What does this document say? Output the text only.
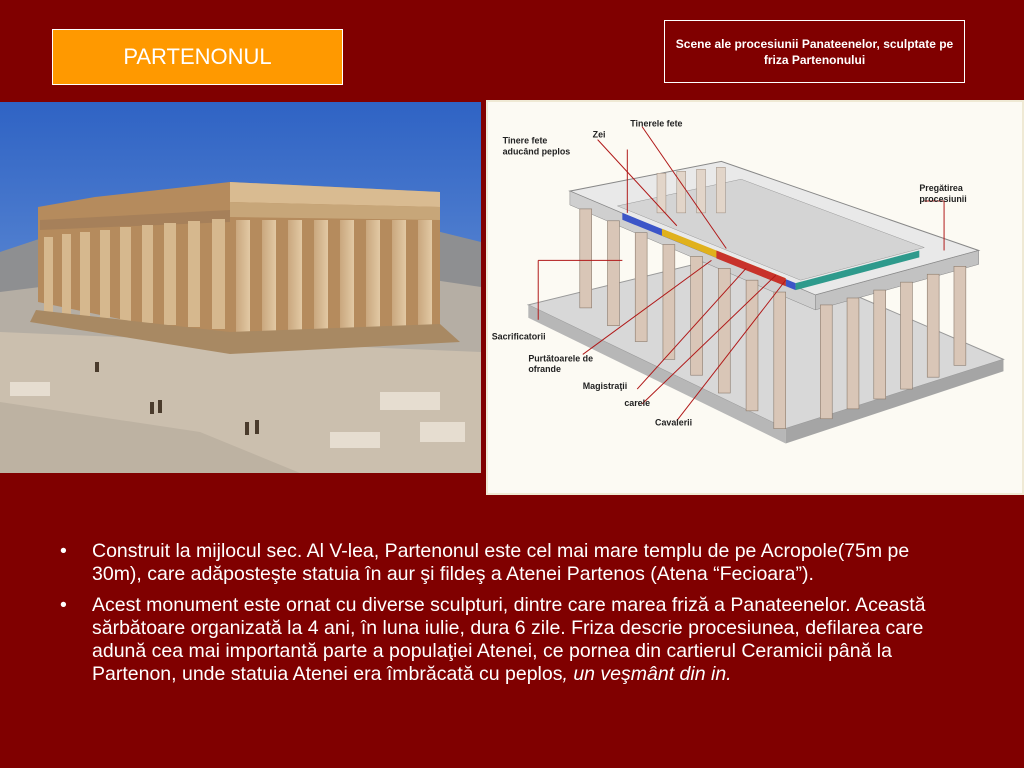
PARTENONUL
Scene ale procesiunii Panateenelor, sculptate pe friza Partenonului
Tinerele fete
Zei
Tinere fete aducând peplos
Pregătirea procesiunii
Sacrificatorii
Purtătoarele de ofrande
Magistraţii
carele
Cavalerii
• Construit la mijlocul sec. Al V-lea, Partenonul este cel mai mare templu de pe Acropole(75m pe 30m), care adăposteşte statuia în aur şi fildeş a Atenei Partenos (Atena “Fecioara”).
• Acest monument este ornat cu diverse sculpturi, dintre care marea friză a Panateenelor. Această sărbătoare organizată la 4 ani, în luna iulie, dura 6 zile. Friza descrie procesiunea, defilarea care adună cea mai importantă parte a populaţiei Atenei, ce pornea din cartierul Ceramicii până la Partenon, unde statuia Atenei era îmbrăcată cu peplos, un veşmânt din in.
